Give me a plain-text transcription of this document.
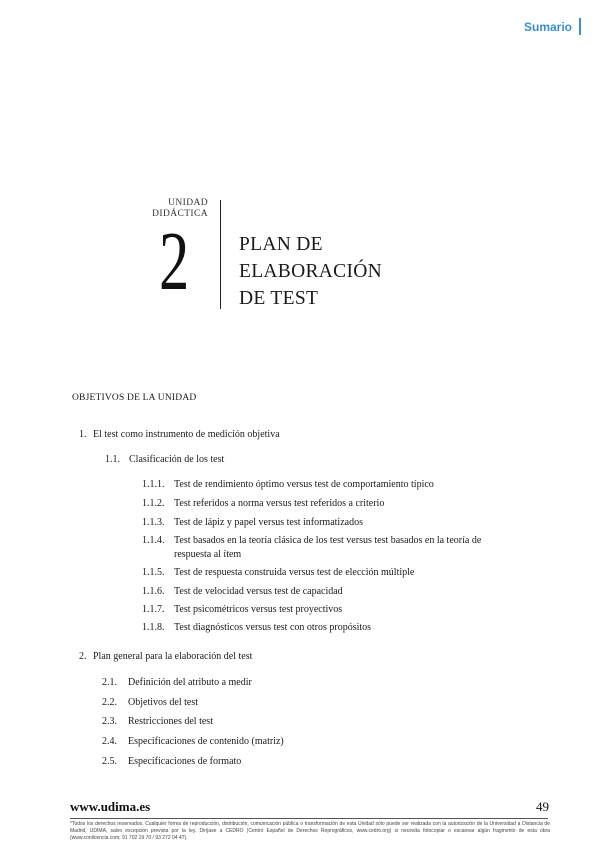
Sumario
UNIDAD
DIDÁCTICA
2	PLAN DE
ELABORACIÓN
DE TEST
OBJETIVOS DE LA UNIDAD
1. El test como instrumento de medición objetiva
1.1. Clasificación de los test
1.1.1. Test de rendimiento óptimo versus test de comportamiento típico
1.1.2. Test referidos a norma versus test referidos a criterio
1.1.3. Test de lápiz y papel versus test informatizados
1.1.4. Test basados en la teoría clásica de los test versus test basados en la teoría de
respuesta al ítem
1.1.5. Test de respuesta construida versus test de elección múltiple
1.1.6. Test de velocidad versus test de capacidad
1.1.7. Test psicométricos versus test proyectivos
1.1.8. Test diagnósticos versus test con otros propósitos
2. Plan general para la elaboración del test
2.1. Definición del atributo a medir
2.2. Objetivos del test
2.3. Restricciones del test
2.4. Especificaciones de contenido (matriz)
2.5. Especificaciones de formato
www.udima.es	49
*Todos los derechos reservados. Cualquier forma de reproducción, distribución, comunicación pública o transformación de esta Unidad sólo puede ser realizada con la autorización de la Universidad a Distancia de Madrid, UDIMA, salvo excepción prevista por la ley. Diríjase a CEDRO (Centro Español de Derechos Reprográficos, www.cedro.org) si necesita fotocopiar o escanear algún fragmento de esta obra (www.conlicencia.com; 91 702 19 70 / 93 272 04 47).
